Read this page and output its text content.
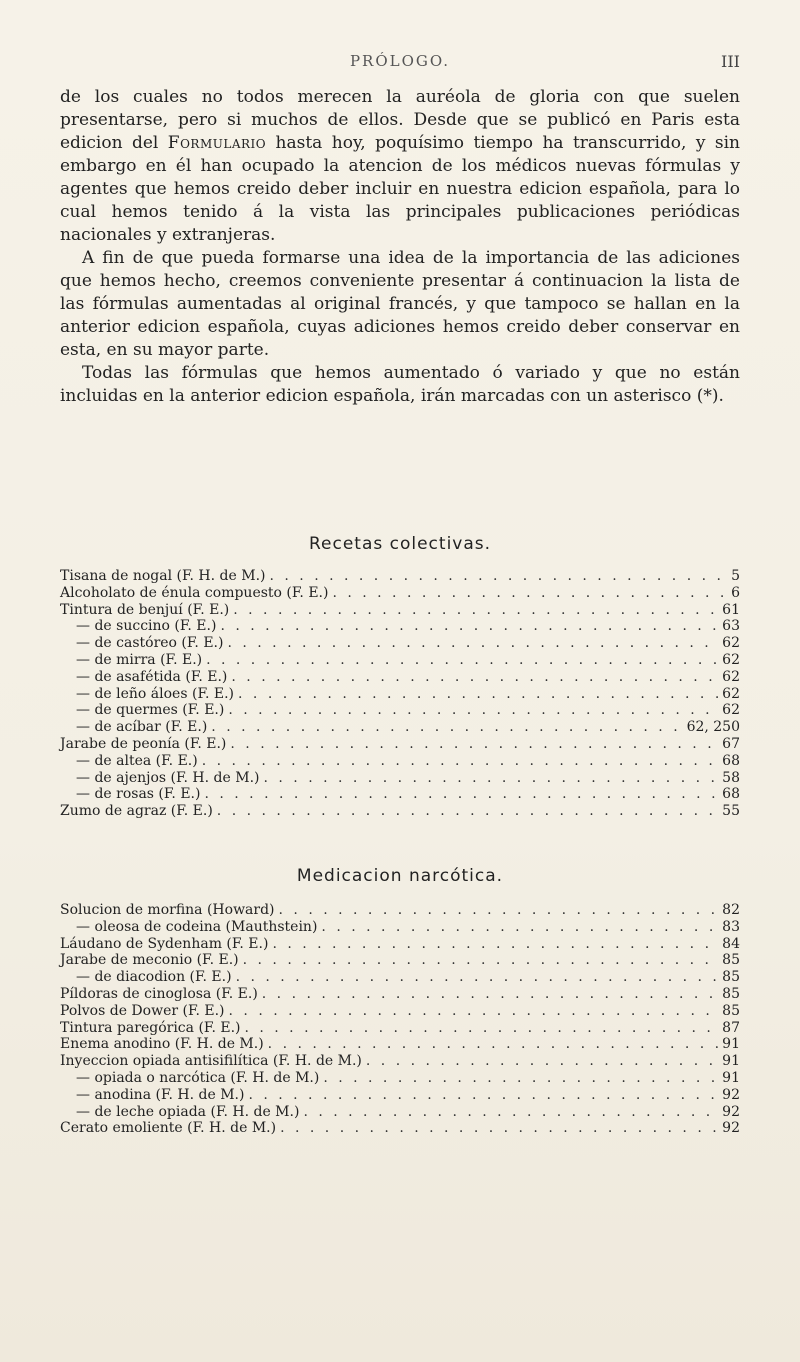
PRÓLOGO.	III

de los cuales no todos merecen la auréola de gloria con que suelen presentarse, pero si muchos de ellos. Desde que se publicó en Paris esta edicion del Formulario hasta hoy, poquísimo tiempo ha transcurrido, y sin embargo en él han ocupado la atencion de los médicos nuevas fórmulas y agentes que hemos creido deber incluir en nuestra edicion española, para lo cual hemos tenido á la vista las principales publicaciones periódicas nacionales y extranjeras.

A fin de que pueda formarse una idea de la importancia de las adiciones que hemos hecho, creemos conveniente presentar á continuacion la lista de las fórmulas aumentadas al original francés, y que tampoco se hallan en la anterior edicion española, cuyas adiciones hemos creido deber conservar en esta, en su mayor parte.

Todas las fórmulas que hemos aumentado ó variado y que no están incluidas en la anterior edicion española, irán marcadas con un asterisco (*).

Recetas colectivas.
Tisana de nogal (F. H. de M.) . . .	5
Alcoholato de énula compuesto (F. E.) . . .	6
Tintura de benjuí (F. E.) . . .	61
— de succino (F. E.) . . .	63
— de castóreo (F. E.) . . .	62
— de mirra (F. E.) . . .	62
— de asafétida (F. E.) . . .	62
— de leño áloes (F. E.) . . .	62
— de quermes (F. E.) . . .	62
— de acíbar (F. E.) . . .	62, 250
Jarabe de peonía (F. E.) . . .	67
— de altea (F. E.) . . .	68
— de ajenjos (F. H. de M.) . . .	58
— de rosas (F. E.) . . .	68
Zumo de agraz (F. E.) . . .	55
Medicacion narcótica.
Solucion de morfina (Howard) . . .	82
— oleosa de codeina (Mauthstein) . . .	83
Láudano de Sydenham (F. E.) . . .	84
Jarabe de meconio (F. E.) . . .	85
— de diacodion (F. E.) . . .	85
Píldoras de cinoglosa (F. E.) . . .	85
Polvos de Dower (F. E.) . . .	85
Tintura paregórica (F. E.) . . .	87
Enema anodino (F. H. de M.) . . .	91
Inyeccion opiada antisifilítica (F. H. de M.) . . .	91
— opiada o narcótica (F. H. de M.) . . .	91
— anodina (F. H. de M.) . . .	92
— de leche opiada (F. H. de M.) . . .	92
Cerato emoliente (F. H. de M.) . . .	92
